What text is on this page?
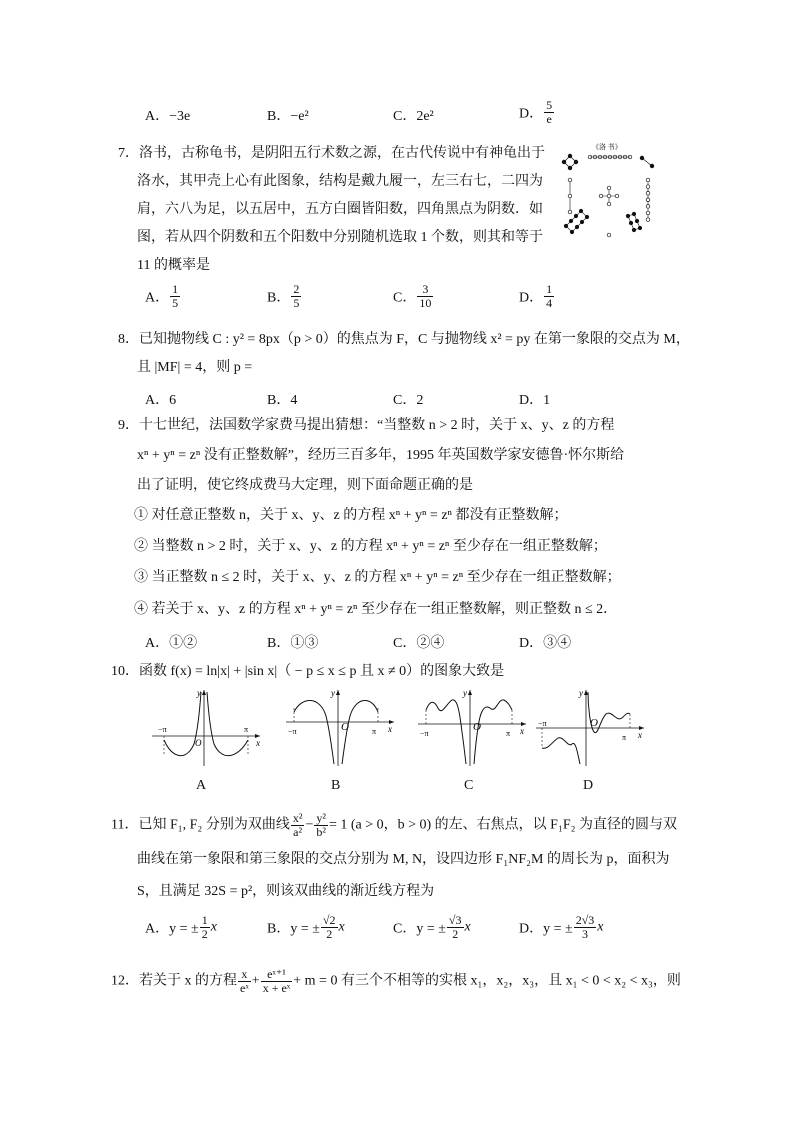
A．−3e	B．−e²	C．2e²	D． $\frac{5}{e}$
7．洛书，古称龟书，是阴阳五行术数之源，在古代传说中有神龟出于
洛水，其甲壳上心有此图象，结构是戴九履一，左三右七，二四为
肩，六八为足，以五居中，五方白圈皆阳数，四角黑点为阴数．如
图，若从四个阴数和五个阳数中分别随机选取 1 个数，则其和等于
11 的概率是
《洛 书》
A． $\frac{1}{5}$	B． $\frac{2}{5}$	C． $\frac{3}{10}$	D． $\frac{1}{4}$
8．已知抛物线 C : y² = 8px（p > 0）的焦点为 F，C 与抛物线 x² = py 在第一象限的交点为 M，
且 |MF| = 4，则 p =
A．6	B．4	C．2	D．1
9．十七世纪，法国数学家费马提出猜想：“当整数 n > 2 时，关于 x、y、z 的方程
xⁿ + yⁿ = zⁿ 没有正整数解”，经历三百多年，1995 年英国数学家安德鲁·怀尔斯给
出了证明，使它终成费马大定理，则下面命题正确的是
① 对任意正整数 n，关于 x、y、z 的方程 xⁿ + yⁿ = zⁿ 都没有正整数解；
② 当整数 n > 2 时，关于 x、y、z 的方程 xⁿ + yⁿ = zⁿ 至少存在一组正整数解；
③ 当正整数 n ≤ 2 时，关于 x、y、z 的方程 xⁿ + yⁿ = zⁿ 至少存在一组正整数解；
④ 若关于 x、y、z 的方程 xⁿ + yⁿ = zⁿ 至少存在一组正整数解，则正整数 n ≤ 2．
A．①②	B．①③	C．②④	D．③④
10．函数 f(x) = ln|x| + |sin x|（ − p ≤ x ≤ p 且 x ≠ 0）的图象大致是
y
x
O
−π	π
A
y
x
O
−π	π
B
y
x
O
−π	π
C
y
x
O
−π
π
D
11．已知 F₁, F₂ 分别为双曲线 $\frac{\text{x²}}{\text{a²}} - \frac{\text{y²}}{\text{b²}} = 1$ (a > 0，b > 0) 的左、右焦点，以 F₁F₂ 为直径的圆与双
曲线在第一象限和第三象限的交点分别为 M, N，设四边形 F₁NF₂M 的周长为 p，面积为
S，且满足 32S = p²，则该双曲线的渐近线方程为
A．y = ± $\frac{1}{2}$ x	B．y = ± $\frac{√2}{2}$ x	C．y = ± $\frac{√3}{2}$ x	D．y = ± $\frac{2√3}{3}$ x
12．若关于 x 的方程 $\frac{x}{\text{eˣ}} + \frac{\text{eˣ⁺¹}}{\text{x + eˣ}} + m = 0$ 有三个不相等的实根 x₁，x₂，x₃，且 x₁ < 0 < x₂ < x₃，则
